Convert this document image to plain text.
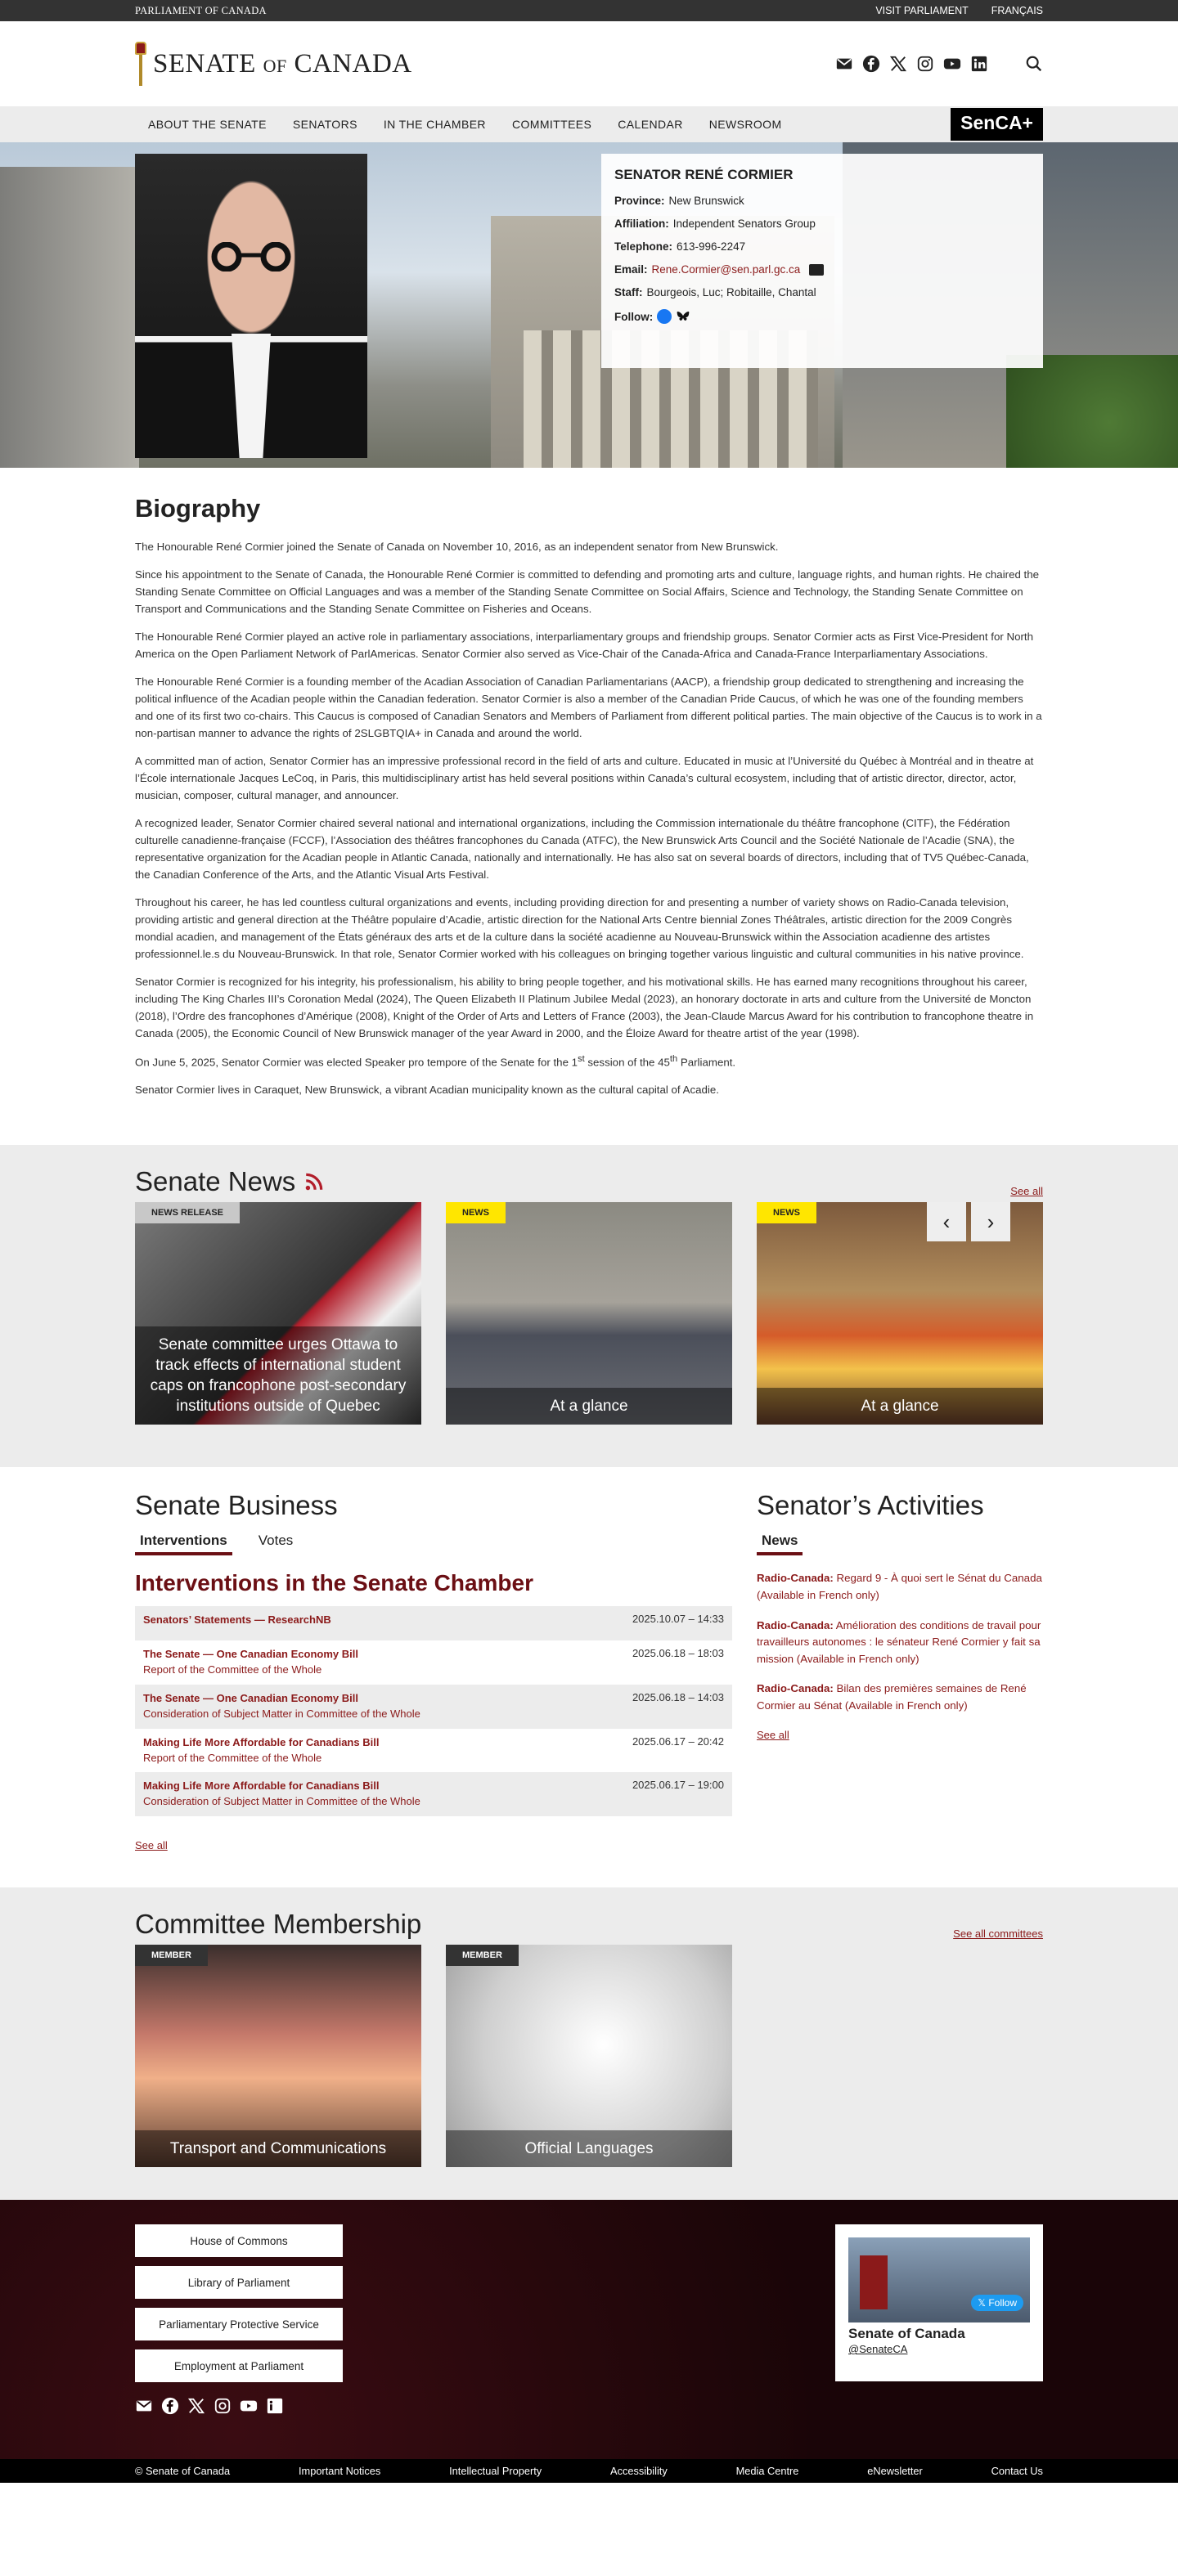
PARLIAMENT OF CANADA	VISIT PARLIAMENT FRANÇAIS
SENATE OF CANADA
ABOUT THE SENATE	SENATORS	IN THE CHAMBER	COMMITTEES	CALENDAR	NEWSROOM	SenCA+
SENATOR RENÉ CORMIER
Province: New Brunswick
Affiliation: Independent Senators Group
Telephone: 613-996-2247
Email: Rene.Cormier@sen.parl.gc.ca
Staff: Bourgeois, Luc; Robitaille, Chantal
Follow:
Biography

The Honourable René Cormier joined the Senate of Canada on November 10, 2016, as an independent senator from New Brunswick.

Since his appointment to the Senate of Canada, the Honourable René Cormier is committed to defending and promoting arts and culture, language rights, and human rights. He chaired the Standing Senate Committee on Official Languages and was a member of the Standing Senate Committee on Social Affairs, Science and Technology, the Standing Senate Committee on Transport and Communications and the Standing Senate Committee on Fisheries and Oceans.

The Honourable René Cormier played an active role in parliamentary associations, interparliamentary groups and friendship groups. Senator Cormier acts as First Vice-President for North America on the Open Parliament Network of ParlAmericas. Senator Cormier also served as Vice-Chair of the Canada-Africa and Canada-France Interparliamentary Associations.

The Honourable René Cormier is a founding member of the Acadian Association of Canadian Parliamentarians (AACP), a friendship group dedicated to strengthening and increasing the political influence of the Acadian people within the Canadian federation. Senator Cormier is also a member of the Canadian Pride Caucus, of which he was one of the founding members and one of its first two co-chairs. This Caucus is composed of Canadian Senators and Members of Parliament from different political parties. The main objective of the Caucus is to work in a non-partisan manner to advance the rights of 2SLGBTQIA+ in Canada and around the world.

A committed man of action, Senator Cormier has an impressive professional record in the field of arts and culture. Educated in music at l’Université du Québec à Montréal and in theatre at l’École internationale Jacques LeCoq, in Paris, this multidisciplinary artist has held several positions within Canada’s cultural ecosystem, including that of artistic director, director, actor, musician, composer, cultural manager, and announcer.

A recognized leader, Senator Cormier chaired several national and international organizations, including the Commission internationale du théâtre francophone (CITF), the Fédération culturelle canadienne-française (FCCF), l’Association des théâtres francophones du Canada (ATFC), the New Brunswick Arts Council and the Société Nationale de l’Acadie (SNA), the representative organization for the Acadian people in Atlantic Canada, nationally and internationally. He has also sat on several boards of directors, including that of TV5 Québec-Canada, the Canadian Conference of the Arts, and the Atlantic Visual Arts Festival.

Throughout his career, he has led countless cultural organizations and events, including providing direction for and presenting a number of variety shows on Radio-Canada television, providing artistic and general direction at the Théâtre populaire d’Acadie, artistic direction for the National Arts Centre biennial Zones Théâtrales, artistic direction for the 2009 Congrès mondial acadien, and management of the États généraux des arts et de la culture dans la société acadienne au Nouveau-Brunswick within the Association acadienne des artistes professionnel.le.s du Nouveau-Brunswick. In that role, Senator Cormier worked with his colleagues on bringing together various linguistic and cultural communities in his native province.

Senator Cormier is recognized for his integrity, his professionalism, his ability to bring people together, and his motivational skills. He has earned many recognitions throughout his career, including The King Charles III’s Coronation Medal (2024), The Queen Elizabeth II Platinum Jubilee Medal (2023), an honorary doctorate in arts and culture from the Université de Moncton (2018), l’Ordre des francophones d’Amérique (2008), Knight of the Order of Arts and Letters of France (2003), the Jean-Claude Marcus Award for his contribution to francophone theatre in Canada (2005), the Economic Council of New Brunswick manager of the year Award in 2000, and the Éloize Award for theatre artist of the year (1998).

On June 5, 2025, Senator Cormier was elected Speaker pro tempore of the Senate for the 1st session of the 45th Parliament.

Senator Cormier lives in Caraquet, New Brunswick, a vibrant Acadian municipality known as the cultural capital of Acadie.

Senate News	See all
NEWS RELEASE
Senate committee urges Ottawa to track effects of international student caps on francophone post-secondary institutions outside of Quebec
NEWS
At a glance
NEWS	‹	›
At a glance
Senate Business
Interventions	Votes
Interventions in the Senate Chamber
Senators’ Statements — ResearchNB	2025.10.07 – 14:33
The Senate — One Canadian Economy Bill
Report of the Committee of the Whole
2025.06.18 – 18:03
The Senate — One Canadian Economy Bill
Consideration of Subject Matter in Committee of the Whole
2025.06.18 – 14:03
Making Life More Affordable for Canadians Bill
Report of the Committee of the Whole
2025.06.17 – 20:42
Making Life More Affordable for Canadians Bill
Consideration of Subject Matter in Committee of the Whole
2025.06.17 – 19:00
See all
Senator’s Activities
News

Radio-Canada: Regard 9 - À quoi sert le Sénat du Canada (Available in French only)

Radio-Canada: Amélioration des conditions de travail pour travailleurs autonomes : le sénateur René Cormier y fait sa mission (Available in French only)

Radio-Canada: Bilan des premières semaines de René Cormier au Sénat (Available in French only)

See all
Committee Membership	See all committees
MEMBER
Transport and Communications
MEMBER
Official Languages
House of Commons
Library of Parliament
Parliamentary Protective Service
Employment at Parliament
𝕏 Follow
Senate of Canada
@SenateCA
© Senate of Canada	Important Notices	Intellectual Property	Accessibility	Media Centre	eNewsletter	Contact Us
